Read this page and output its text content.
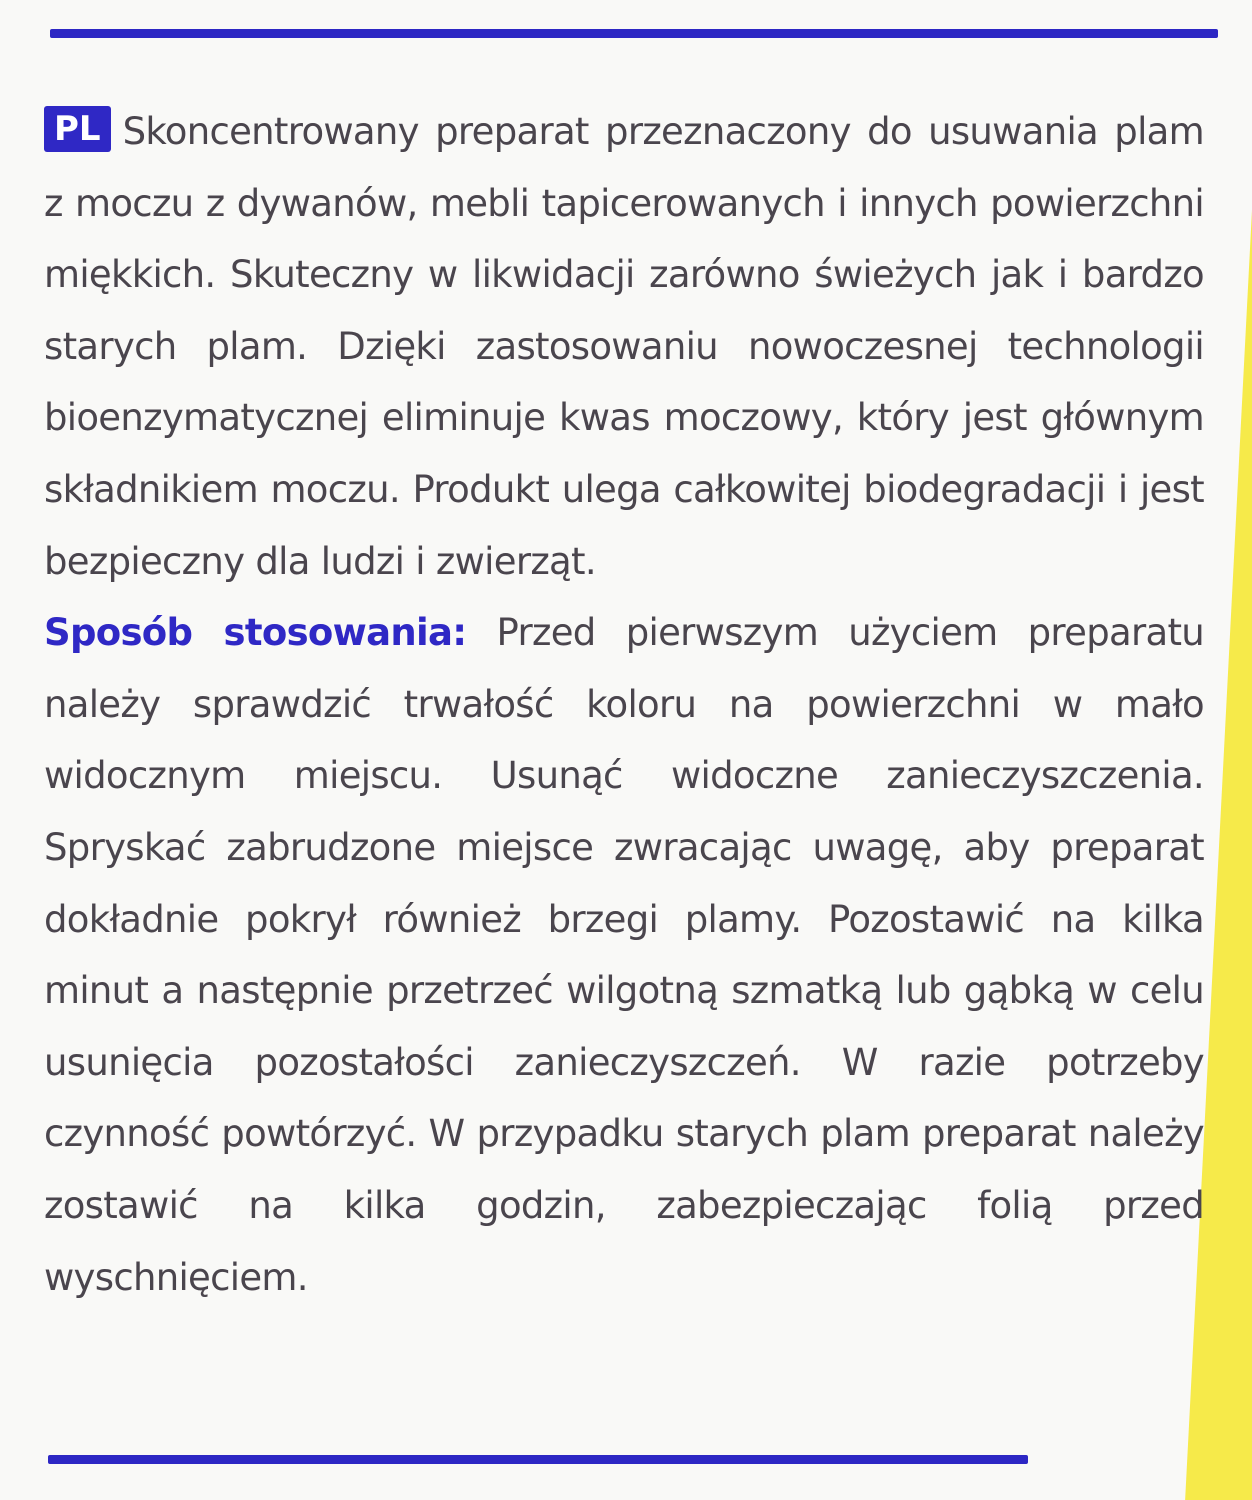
PL Skoncentrowany preparat przeznaczony do usuwania plam z moczu z dywanów, mebli tapicerowanych i innych powierzchni miękkich. Skuteczny w likwidacji zarówno świeżych jak i bardzo starych plam. Dzięki zastosowaniu nowoczesnej technologii bioenzymatycznej eliminuje kwas moczowy, który jest głównym składnikiem moczu. Produkt ulega całkowitej biodegradacji i jest bezpieczny dla ludzi i zwierząt.

Sposób stosowania: Przed pierwszym użyciem preparatu należy sprawdzić trwałość koloru na powierzchni w mało widocznym miejscu. Usunąć widoczne zanieczyszczenia. Spryskać zabrudzone miejsce zwracając uwagę, aby preparat dokładnie pokrył również brzegi plamy. Pozostawić na kilka minut a następnie przetrzeć wilgotną szmatką lub gąbką w celu usunięcia pozostałości zanieczyszczeń. W razie potrzeby czynność powtórzyć. W przypadku starych plam preparat należy zostawić na kilka godzin, zabezpieczając folią przed wyschnięciem.
